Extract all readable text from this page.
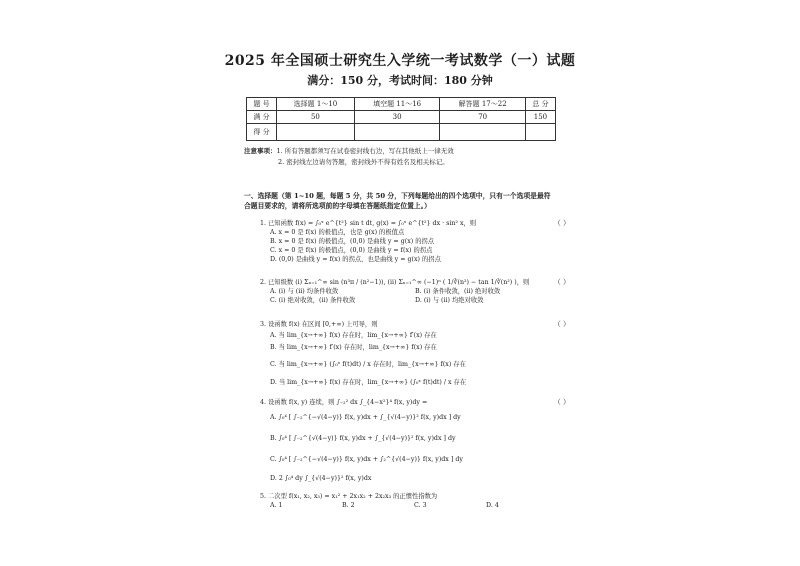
2025 年全国硕士研究生入学统一考试数学（一）试题
满分：150 分，考试时间：180 分钟
题 号	选择题 1～10	填空题 11～16	解答题 17～22	总 分
满 分	50	30	70	150
得 分				
注意事项：1. 所有答题都须写在试卷密封线右边，写在其他纸上一律无效
2. 密封线左边请勿答题，密封线外不得有姓名及相关标记。
一、选择题（第 1~10 题，每题 5 分，共 50 分，下列每题给出的四个选项中，只有一个选项是最符合题目要求的，请将所选项前的字母填在答题纸指定位置上。）
1. 已知函数 f(x) = ∫₀ˣ e^{t²} sin t dt, g(x) = ∫₀ˣ e^{t²} dx · sin² x，则	（ ）
A. x = 0 是 f(x) 的极值点，也是 g(x) 的极值点
B. x = 0 是 f(x) 的极值点，(0,0) 是曲线 y = g(x) 的拐点
C. x = 0 是 f(x) 的极值点，(0,0) 是曲线 y = f(x) 的拐点
D. (0,0) 是曲线 y = f(x) 的拐点，也是曲线 y = g(x) 的拐点
2. 已知级数 (i) Σₙ₌₁^∞ sin (n³π / (n²−1)), (ii) Σₙ₌₁^∞ (−1)ⁿ ( 1/∛(n²) − tan 1/∛(n²) )，则	（ ）
A. (i) 与 (ii) 均条件收敛	B. (i) 条件收敛，(ii) 绝对收敛
C. (i) 绝对收敛，(ii) 条件收敛	D. (i) 与 (ii) 均绝对收敛
3. 设函数 f(x) 在区间 [0,+∞) 上可导，则	（ ）
A. 当 lim_{x→+∞} f(x) 存在时，lim_{x→+∞} f′(x) 存在
B. 当 lim_{x→+∞} f′(x) 存在时，lim_{x→+∞} f(x) 存在
C. 当 lim_{x→+∞} (∫₀ˣ f(t)dt) / x 存在时，lim_{x→+∞} f(x) 存在
D. 当 lim_{x→+∞} f(x) 存在时，lim_{x→+∞} (∫₀ˣ f(t)dt) / x 存在
4. 设函数 f(x, y) 连续，则 ∫₋₂² dx ∫_{4−x²}⁴ f(x, y)dy =	（ ）
A. ∫₀⁴ [ ∫₋₂^{−√(4−y)} f(x, y)dx + ∫_{√(4−y)}² f(x, y)dx ] dy
B. ∫₀⁴ [ ∫₋₂^{√(4−y)} f(x, y)dx + ∫_{√(4−y)}² f(x, y)dx ] dy
C. ∫₀⁴ [ ∫₋₂^{−√(4−y)} f(x, y)dx + ∫₂^{√(4−y)} f(x, y)dx ] dy
D. 2 ∫₀⁴ dy ∫_{√(4−y)}² f(x, y)dx
5. 二次型 f(x₁, x₂, x₃) = x₁² + 2x₁x₂ + 2x₂x₃ 的正惯性指数为
A. 1	B. 2	C. 3	D. 4
